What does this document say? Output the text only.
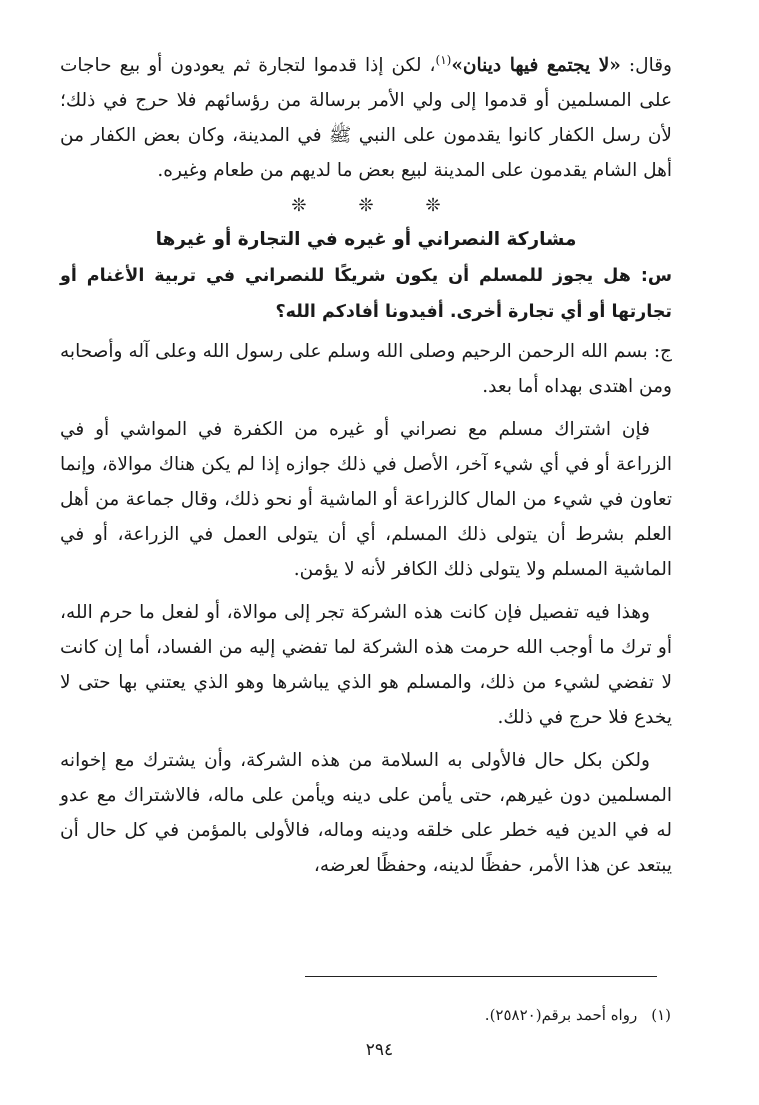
وقال: «لا يجتمع فيها دينان»$^{(١)}$، لكن إذا قدموا لتجارة ثم يعودون أو بيع حاجات على المسلمين أو قدموا إلى ولي الأمر برسالة من رؤسائهم فلا حرج في ذلك؛ لأن رسل الكفار كانوا يقدمون على النبي ﷺ في المدينة، وكان بعض الكفار من أهل الشام يقدمون على المدينة لبيع بعض ما لديهم من طعام وغيره.

❊❊❊
مشاركة النصراني أو غيره في التجارة أو غيرها

س: هل يجوز للمسلم أن يكون شريكًا للنصراني في تربية الأغنام أو تجارتها أو أي تجارة أخرى. أفيدونا أفادكم الله؟

ج: بسم الله الرحمن الرحيم وصلى الله وسلم على رسول الله وعلى آله وأصحابه ومن اهتدى بهداه أما بعد.

فإن اشتراك مسلم مع نصراني أو غيره من الكفرة في المواشي أو في الزراعة أو في أي شيء آخر، الأصل في ذلك جوازه إذا لم يكن هناك موالاة، وإنما تعاون في شيء من المال كالزراعة أو الماشية أو نحو ذلك، وقال جماعة من أهل العلم بشرط أن يتولى ذلك المسلم، أي أن يتولى العمل في الزراعة، أو في الماشية المسلم ولا يتولى ذلك الكافر لأنه لا يؤمن.

وهذا فيه تفصيل فإن كانت هذه الشركة تجر إلى موالاة، أو لفعل ما حرم الله، أو ترك ما أوجب الله حرمت هذه الشركة لما تفضي إليه من الفساد، أما إن كانت لا تفضي لشيء من ذلك، والمسلم هو الذي يباشرها وهو الذي يعتني بها حتى لا يخدع فلا حرج في ذلك.

ولكن بكل حال فالأولى به السلامة من هذه الشركة، وأن يشترك مع إخوانه المسلمين دون غيرهم، حتى يأمن على دينه ويأمن على ماله، فالاشتراك مع عدو له في الدين فيه خطر على خلقه ودينه وماله، فالأولى بالمؤمن في كل حال أن يبتعد عن هذا الأمر، حفظًا لدينه، وحفظًا لعرضه،

(١)رواه أحمد برقم(٢٥٨٢٠).
٢٩٤
